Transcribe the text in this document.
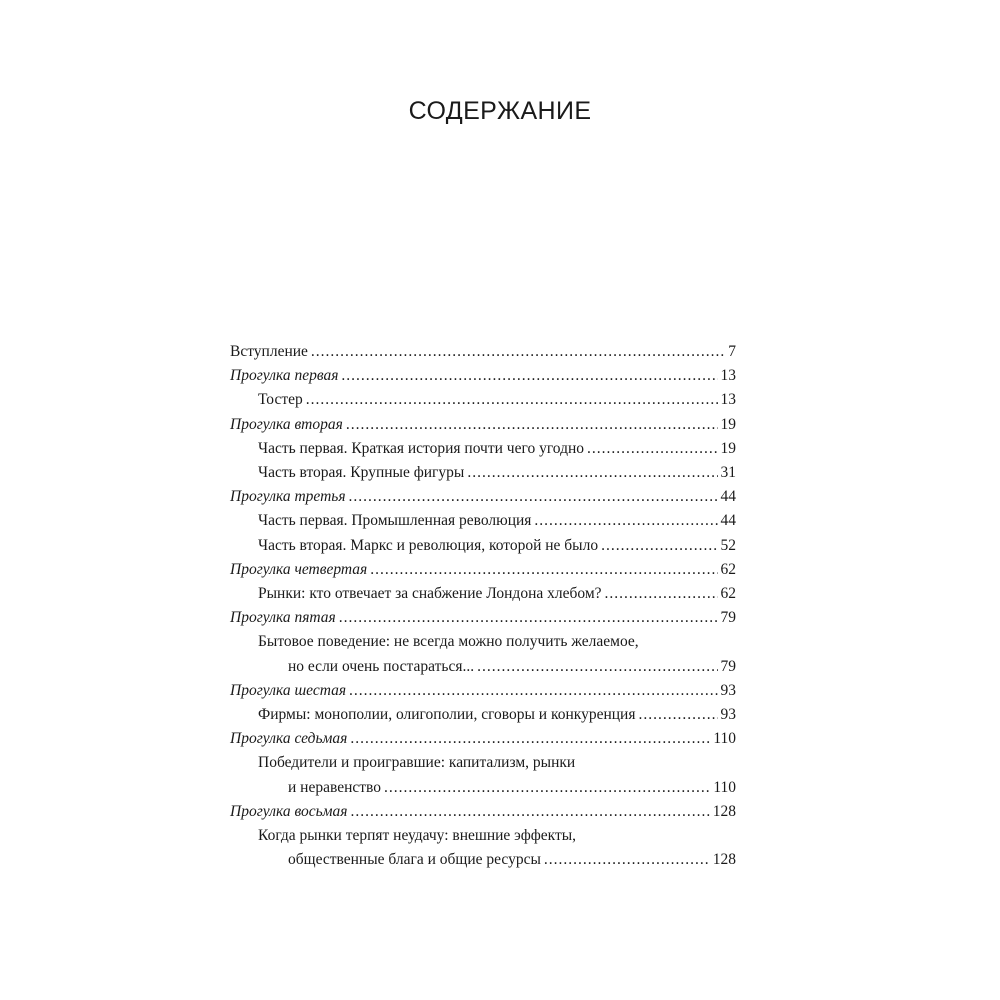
СОДЕРЖАНИЕ
Вступление .....	7
Прогулка первая .....	13
Тостер .....	13
Прогулка вторая .....	19
Часть первая. Краткая история почти чего угодно .....	19
Часть вторая. Крупные фигуры .....	31
Прогулка третья .....	44
Часть первая. Промышленная революция .....	44
Часть вторая. Маркс и революция, которой не было .....	52
Прогулка четвертая .....	62
Рынки: кто отвечает за снабжение Лондона хлебом? .....	62
Прогулка пятая .....	79
Бытовое поведение: не всегда можно получить желаемое,
но если очень постараться... .....	79
Прогулка шестая .....	93
Фирмы: монополии, олигополии, сговоры и конкуренция .....	93
Прогулка седьмая .....	110
Победители и проигравшие: капитализм, рынки
и неравенство .....	110
Прогулка восьмая .....	128
Когда рынки терпят неудачу: внешние эффекты,
общественные блага и общие ресурсы .....	128
